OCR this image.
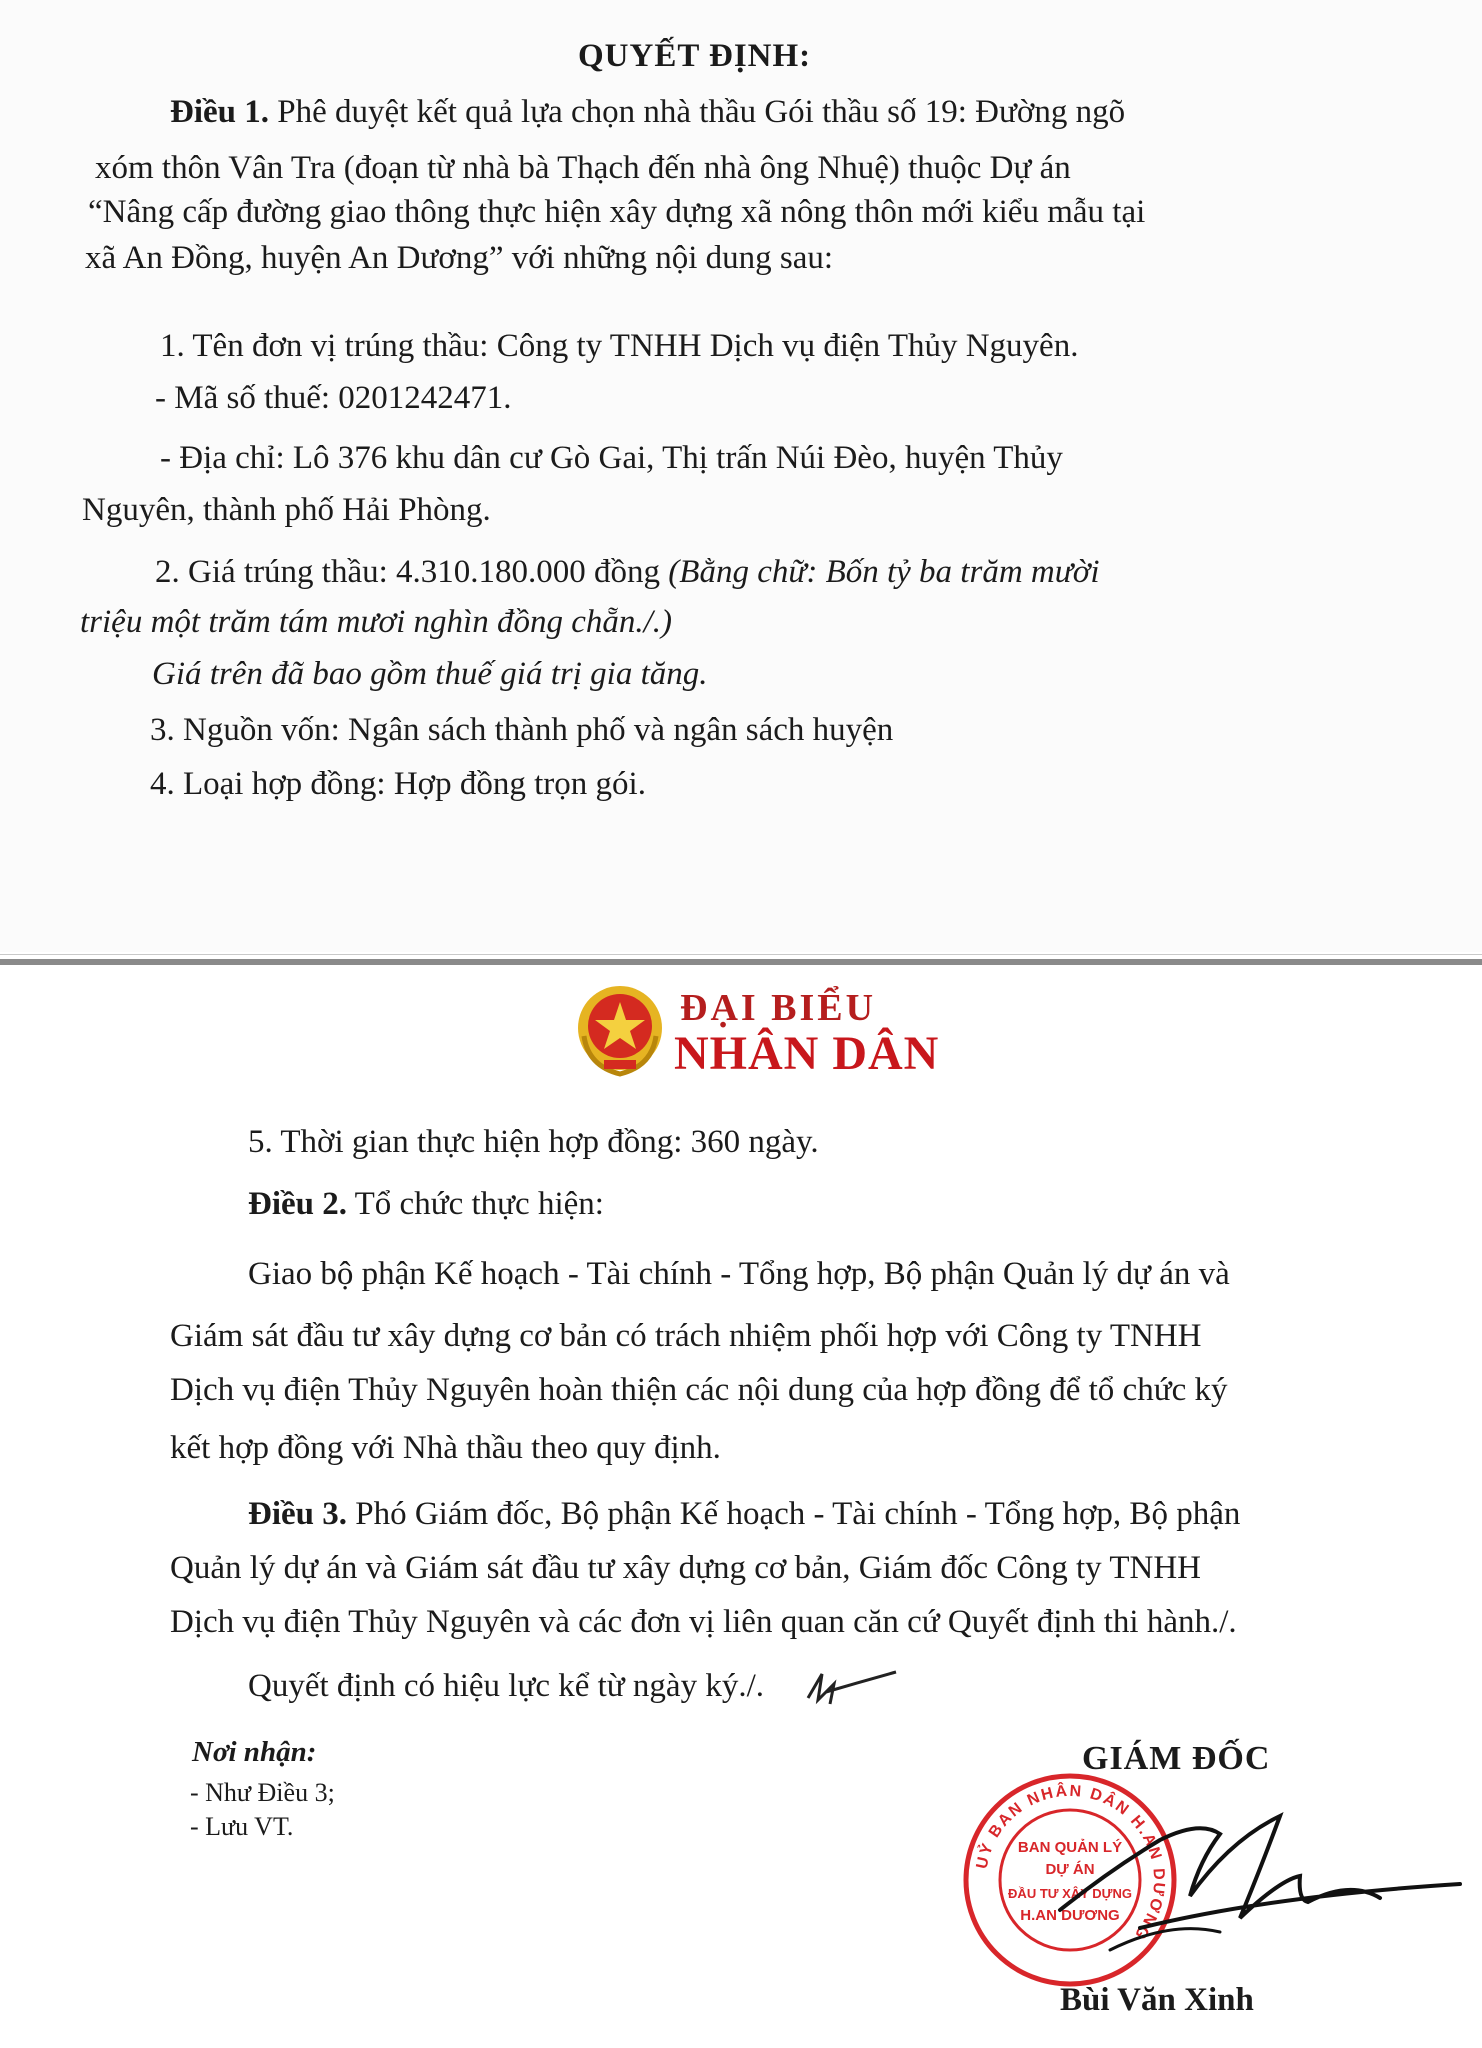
QUYẾT ĐỊNH:
Điều 1. Phê duyệt kết quả lựa chọn nhà thầu Gói thầu số 19: Đường ngõ
xóm thôn Vân Tra (đoạn từ nhà bà Thạch đến nhà ông Nhuệ) thuộc Dự án
“Nâng cấp đường giao thông thực hiện xây dựng xã nông thôn mới kiểu mẫu tại
xã An Đồng, huyện An Dương” với những nội dung sau:
1. Tên đơn vị trúng thầu: Công ty TNHH Dịch vụ điện Thủy Nguyên.
- Mã số thuế: 0201242471.
- Địa chỉ: Lô 376 khu dân cư Gò Gai, Thị trấn Núi Đèo, huyện Thủy
Nguyên, thành phố Hải Phòng.
2. Giá trúng thầu: 4.310.180.000 đồng (Bằng chữ: Bốn tỷ ba trăm mười
triệu một trăm tám mươi nghìn đồng chẵn./.)
Giá trên đã bao gồm thuế giá trị gia tăng.
3. Nguồn vốn: Ngân sách thành phố và ngân sách huyện
4. Loại hợp đồng: Hợp đồng trọn gói.
ĐẠI BIỂU
NHÂN DÂN
5. Thời gian thực hiện hợp đồng: 360 ngày.
Điều 2. Tổ chức thực hiện:
Giao bộ phận Kế hoạch - Tài chính - Tổng hợp, Bộ phận Quản lý dự án và
Giám sát đầu tư xây dựng cơ bản có trách nhiệm phối hợp với Công ty TNHH
Dịch vụ điện Thủy Nguyên hoàn thiện các nội dung của hợp đồng để tổ chức ký
kết hợp đồng với Nhà thầu theo quy định.
Điều 3. Phó Giám đốc, Bộ phận Kế hoạch - Tài chính - Tổng hợp, Bộ phận
Quản lý dự án và Giám sát đầu tư xây dựng cơ bản, Giám đốc Công ty TNHH
Dịch vụ điện Thủy Nguyên và các đơn vị liên quan căn cứ Quyết định thi hành./.
Quyết định có hiệu lực kể từ ngày ký./.
Nơi nhận:
- Như Điều 3;
- Lưu VT.
GIÁM ĐỐC
UỶ BAN NHÂN DÂN H.AN DƯƠNG
BAN QUẢN LÝ
DỰ ÁN
ĐẦU TƯ XÂY DỰNG
H.AN DƯƠNG
Bùi Văn Xinh
